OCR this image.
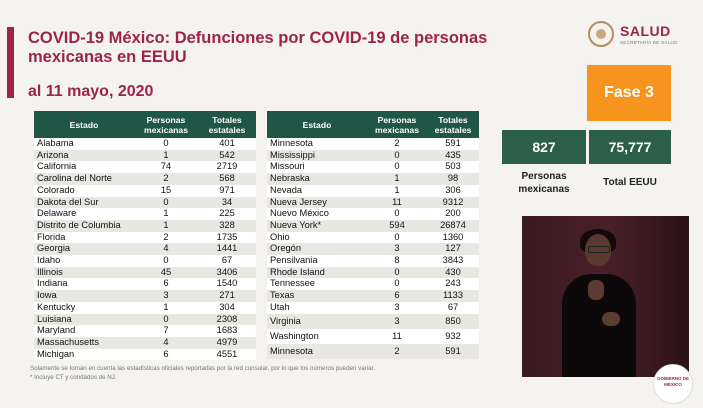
COVID-19 México: Defunciones por COVID-19 de personas mexicanas en EEUU
al 11 mayo, 2020
SALUD
SECRETARÍA DE SALUD
Fase 3
827	75,777
Personas mexicanas
Total EEUU
Estado	Personas mexicanas	Totales estatales
Alabama	0	401
Arizona	1	542
California	74	2719
Carolina del Norte	2	568
Colorado	15	971
Dakota del Sur	0	34
Delaware	1	225
Distrito de Columbia	1	328
Florida	2	1735
Georgia	4	1441
Idaho	0	67
Illinois	45	3406
Indiana	6	1540
Iowa	3	271
Kentucky	1	304
Luisiana	0	2308
Maryland	7	1683
Massachusetts	4	4979
Michigan	6	4551
Estado	Personas mexicanas	Totales estatales
Minnesota	2	591
Mississippi	0	435
Missouri	0	503
Nebraska	1	98
Nevada	1	306
Nueva Jersey	11	9312
Nuevo México	0	200
Nueva York*	594	26874
Ohio	0	1360
Oregón	3	127
Pensilvania	8	3843
Rhode Island	0	430
Tennessee	0	243
Texas	6	1133
Utah	3	67
Virginia	3	850
Washington	11	932
Minnesota	2	591
Solamente se toman en cuenta las estadísticas oficiales reportadas por la red consular, por lo que los números pueden variar.
* Incluye CT y condados de NJ.	GOBIERNO DE MÉXICO
